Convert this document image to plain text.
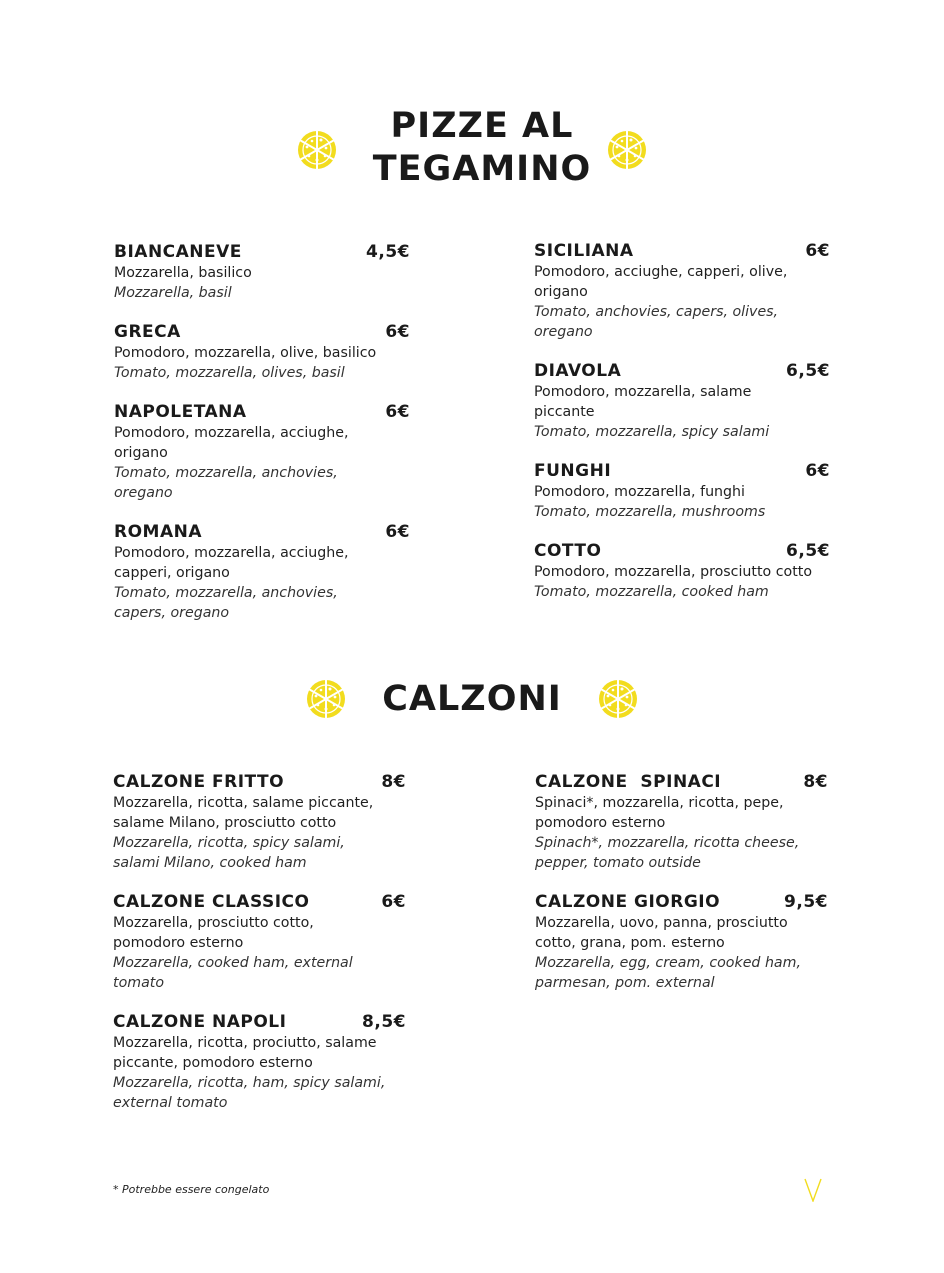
PIZZE AL
TEGAMINO
BIANCANEVE	4,5€
Mozzarella, basilico
Mozzarella, basil
GRECA	6€
Pomodoro, mozzarella, olive, basilico
Tomato, mozzarella, olives, basil
NAPOLETANA	6€
Pomodoro, mozzarella, acciughe, origano
Tomato, mozzarella, anchovies, oregano
ROMANA	6€
Pomodoro, mozzarella, acciughe, capperi, origano
Tomato, mozzarella, anchovies, capers, oregano
SICILIANA	6€
Pomodoro, acciughe, capperi, olive, origano
Tomato, anchovies, capers, olives, oregano
DIAVOLA	6,5€
Pomodoro, mozzarella, salame piccante
Tomato, mozzarella, spicy salami
FUNGHI	6€
Pomodoro, mozzarella, funghi
Tomato, mozzarella, mushrooms
COTTO	6,5€
Pomodoro, mozzarella, prosciutto cotto
Tomato, mozzarella, cooked ham
CALZONI
CALZONE FRITTO	8€
Mozzarella, ricotta, salame piccante, salame Milano, prosciutto cotto
Mozzarella, ricotta, spicy salami, salami Milano, cooked ham
CALZONE CLASSICO	6€
Mozzarella, prosciutto cotto, pomodoro esterno
Mozzarella, cooked ham, external tomato
CALZONE NAPOLI	8,5€
Mozzarella, ricotta, prociutto, salame piccante, pomodoro esterno
Mozzarella, ricotta, ham, spicy salami, external tomato
CALZONE  SPINACI	8€
Spinaci*, mozzarella, ricotta, pepe, pomodoro esterno
Spinach*, mozzarella, ricotta cheese, pepper, tomato outside
CALZONE GIORGIO	9,5€
Mozzarella, uovo, panna, prosciutto cotto, grana, pom. esterno
Mozzarella, egg, cream, cooked ham, parmesan, pom. external
* Potrebbe essere congelato
